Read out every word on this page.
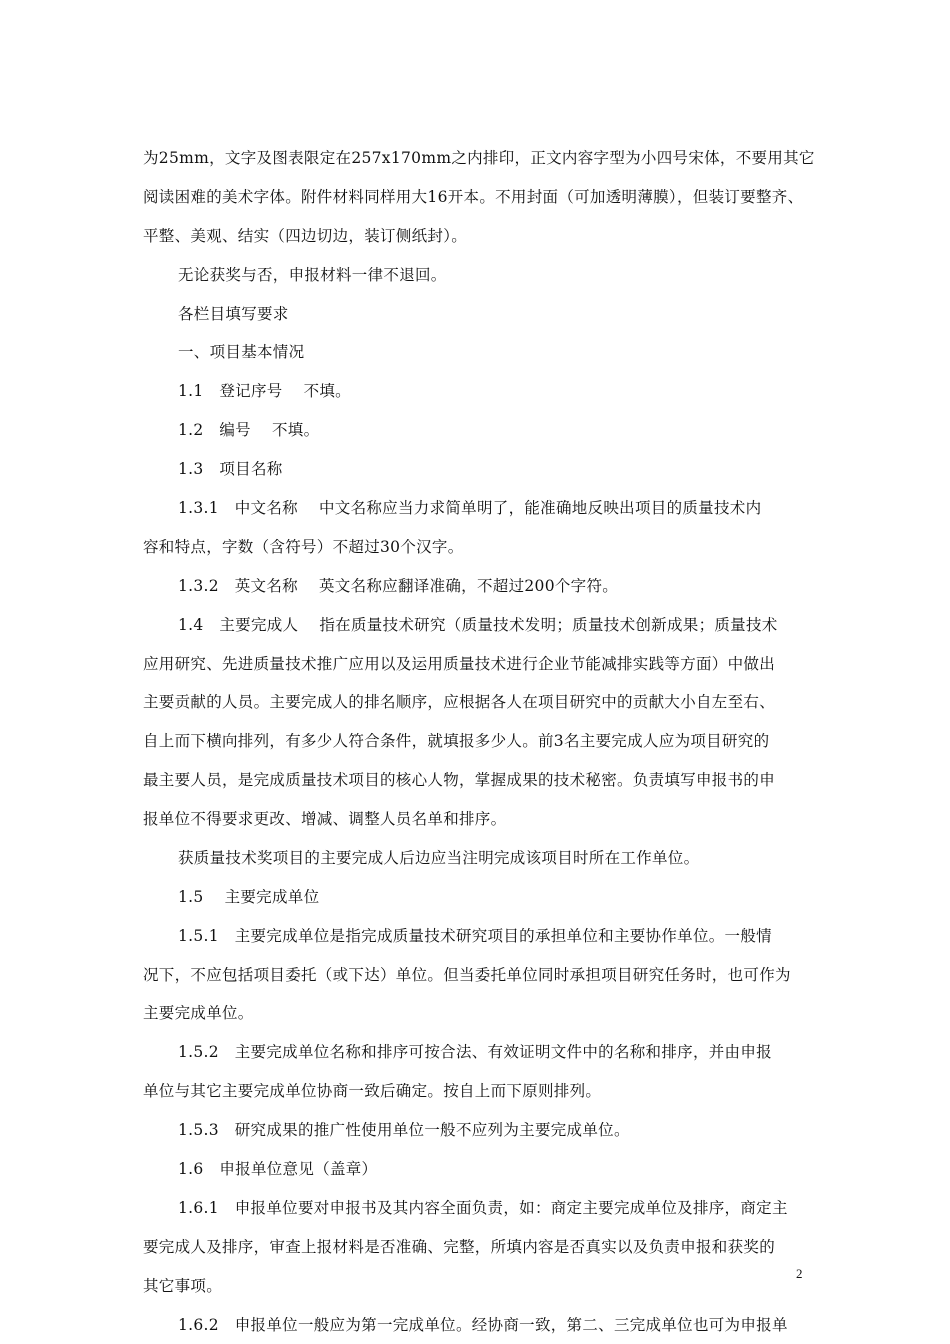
为25mm，文字及图表限定在257x170mm之内排印，正文内容字型为小四号宋体，不要用其它
阅读困难的美术字体。附件材料同样用大16开本。不用封面（可加透明薄膜），但装订要整齐、
平整、美观、结实（四边切边，装订侧纸封）。
无论获奖与否，申报材料一律不退回。
各栏目填写要求
一、项目基本情况
1.1　登记序号　 不填。
1.2　编号　 不填。
1.3　项目名称
1.3.1　中文名称　 中文名称应当力求简单明了，能准确地反映出项目的质量技术内
容和特点，字数（含符号）不超过30个汉字。
1.3.2　英文名称　 英文名称应翻译准确，不超过200个字符。
1.4　主要完成人　 指在质量技术研究（质量技术发明；质量技术创新成果；质量技术
应用研究、先进质量技术推广应用以及运用质量技术进行企业节能减排实践等方面）中做出
主要贡献的人员。主要完成人的排名顺序，应根据各人在项目研究中的贡献大小自左至右、
自上而下横向排列，有多少人符合条件，就填报多少人。前3名主要完成人应为项目研究的
最主要人员，是完成质量技术项目的核心人物，掌握成果的技术秘密。负责填写申报书的申
报单位不得要求更改、增减、调整人员名单和排序。
获质量技术奖项目的主要完成人后边应当注明完成该项目时所在工作单位。
1.5　 主要完成单位
1.5.1　主要完成单位是指完成质量技术研究项目的承担单位和主要协作单位。一般情
况下，不应包括项目委托（或下达）单位。但当委托单位同时承担项目研究任务时，也可作为
主要完成单位。
1.5.2　主要完成单位名称和排序可按合法、有效证明文件中的名称和排序，并由申报
单位与其它主要完成单位协商一致后确定。按自上而下原则排列。
1.5.3　研究成果的推广性使用单位一般不应列为主要完成单位。
1.6　申报单位意见（盖章）
1.6.1　申报单位要对申报书及其内容全面负责，如：商定主要完成单位及排序，商定主
要完成人及排序，审查上报材料是否准确、完整，所填内容是否真实以及负责申报和获奖的
其它事项。
1.6.2　申报单位一般应为第一完成单位。经协商一致，第二、三完成单位也可为申报单
2
